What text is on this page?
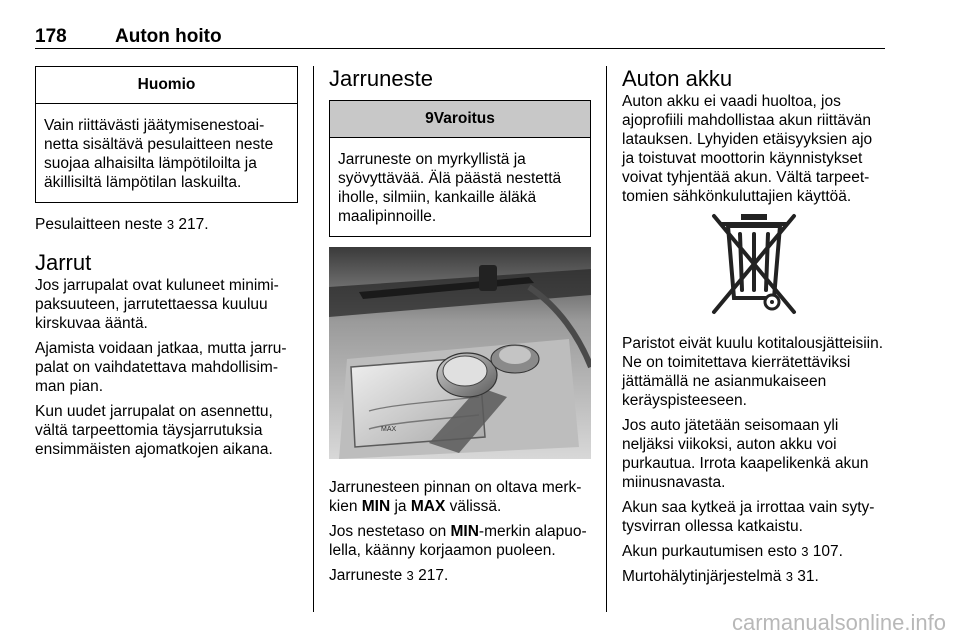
178	Auton hoito
Huomio
Vain riittävästi jäätymisenestoainetta sisältävä pesulaitteen neste suojaa alhaisilta lämpötiloilta ja äkillisiltä lämpötilan laskuilta.

Pesulaitteen neste 3 217.

Jarrut

Jos jarrupalat ovat kuluneet minimipaksuuteen, jarrutettaessa kuuluu kirskuvaa ääntä.

Ajamista voidaan jatkaa, mutta jarrupalat on vaihdatettava mahdollisimman pian.

Kun uudet jarrupalat on asennettu, vältä tarpeettomia täysjarrutuksia ensimmäisten ajomatkojen aikana.

Jarruneste
9Varoitus
Jarruneste on myrkyllistä ja syövyttävää. Älä päästä nestettä iholle, silmiin, kankaille äläkä maalipinnoille.
MAX

Jarrunesteen pinnan on oltava merkkien MIN ja MAX välissä.

Jos nestetaso on MIN-merkin alapuolella, käänny korjaamon puoleen.

Jarruneste 3 217.

Auton akku

Auton akku ei vaadi huoltoa, jos ajoprofiili mahdollistaa akun riittävän latauksen. Lyhyiden etäisyyksien ajo ja toistuvat moottorin käynnistykset voivat tyhjentää akun. Vältä tarpeettomien sähkönkuluttajien käyttöä.

Paristot eivät kuulu kotitalousjätteisiin. Ne on toimitettava kierrätettäviksi jättämällä ne asianmukaiseen keräyspisteeseen.

Jos auto jätetään seisomaan yli neljäksi viikoksi, auton akku voi purkautua. Irrota kaapelikenkä akun miinusnavasta.

Akun saa kytkeä ja irrottaa vain sytytysvirran ollessa katkaistu.

Akun purkautumisen esto 3 107.

Murtohälytinjärjestelmä 3 31.

carmanualsonline.info
